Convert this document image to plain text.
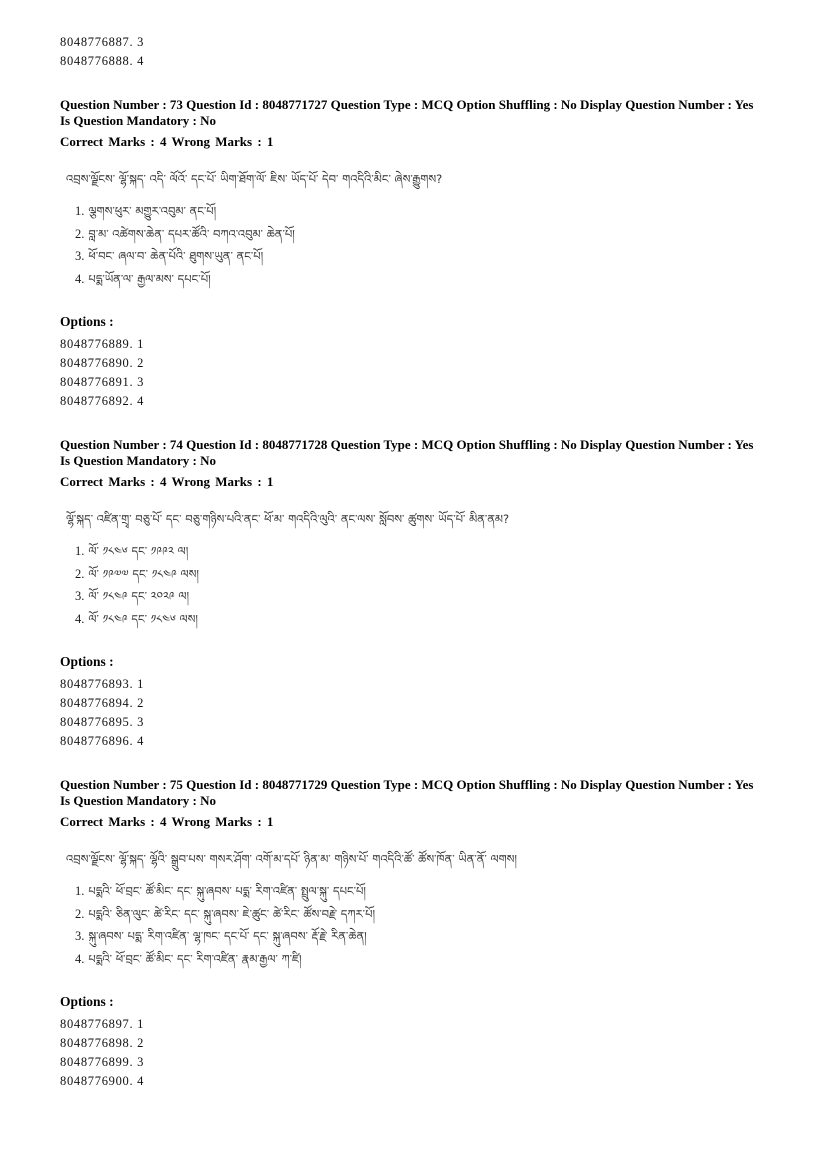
8048776887. 3

8048776888. 4

Question Number : 73 Question Id : 8048771727 Question Type : MCQ Option Shuffling : No Display Question Number : Yes Is Question Mandatory : No

Correct Marks : 4 Wrong Marks : 1

འབྲས་ལྗོངས་ ལྷོ་སྐད་ འདི་ ལོའོ་ དང་པོ་ ཡིག་ཐོག་ལོ་ ཇིས་ ཡོད་པོ་ དེབ་ གའདིའི་མིང་ ཞེས་རྒྱུགས?

1. ལྕགས་ཕུར་ མགྱུར་འབུམ་ ནང་པོ།
2. བླ་མ་ འཚེགས་ཆེན་ དཔར་ཚོའི་ བཀའ་འབུམ་ ཆེན་པོ།
3. ཕོ་བང་ ཞལ་བ་ ཆེན་པོའི་ ཐུགས་ཡུན་ ནང་པོ།
4. པདྨ་ཡོན་ལ་ རྒྱལ་མས་ དཔང་པོ།

Options :

8048776889. 1

8048776890. 2

8048776891. 3

8048776892. 4

Question Number : 74 Question Id : 8048771728 Question Type : MCQ Option Shuffling : No Display Question Number : Yes Is Question Mandatory : No

Correct Marks : 4 Wrong Marks : 1

ལྷོ་སྐད་ འཛིན་གྲྭ་ བཅུ་པོ་ དང་ བཅུ་གཉིས་པའི་ནང་ ཕོ་མ་ གའདིའི་ལུའི་ ནང་ལས་ སློབས་ ཚུགས་ ཡོད་པོ་ མིན་ནམ?

1. ལོ་ ༡༨༤༦ དང་ ༡༩༩༢ ལ།
2. ལོ་ ༡༩༧༧ དང་ ༡༨༤༩ ལས།
3. ལོ་ ༡༨༤༩ དང་ ༢༠༢༩ ལ།
4. ལོ་ ༡༨༤༩ དང་ ༡༨༤༦ ལས།

Options :

8048776893. 1

8048776894. 2

8048776895. 3

8048776896. 4

Question Number : 75 Question Id : 8048771729 Question Type : MCQ Option Shuffling : No Display Question Number : Yes Is Question Mandatory : No

Correct Marks : 4 Wrong Marks : 1

འབྲས་ལྗོངས་ ལྷོ་སྐད་ ལྷོའི་ སྒྲུབ་པས་ གསར་ཤོག་ འགོ་མ་དཔོ་ ཉིན་མ་ གཉིས་པོ་ གའདིའི་ཚོ་ ཚོས་ཁོན་ ཡིན་ནོ་ ལགས།

1. པདྨའི་ ཕོ་བྲང་ ཚོ་མིང་ དང་ སྐུ་ཞབས་ པདྨ་ རིག་འཛིན་ སྤྲུལ་སྐུ་ དཔང་པོ།
2. པདྨའི་ ཅིན་ལུང་ ཚེ་རིང་ དང་ སྐུ་ཞབས་ ཇེ་ཚུང་ ཚེ་རིང་ ཚོས་བརྗེ་ དཀར་པོ།
3. སྐུ་ཞབས་ པདྨ་ རིག་འཛིན་ ལྷ་ཁང་ དང་པོ་ དང་ སྐུ་ཞབས་ རྡོ་རྗེ་ རིན་ཆེན།
4. པདྨའི་ ཕོ་བྲང་ ཚོ་མིང་ དང་ རིག་འཛིན་ རྣམ་རྒྱལ་ ཀ་ཛི།

Options :

8048776897. 1

8048776898. 2

8048776899. 3

8048776900. 4
